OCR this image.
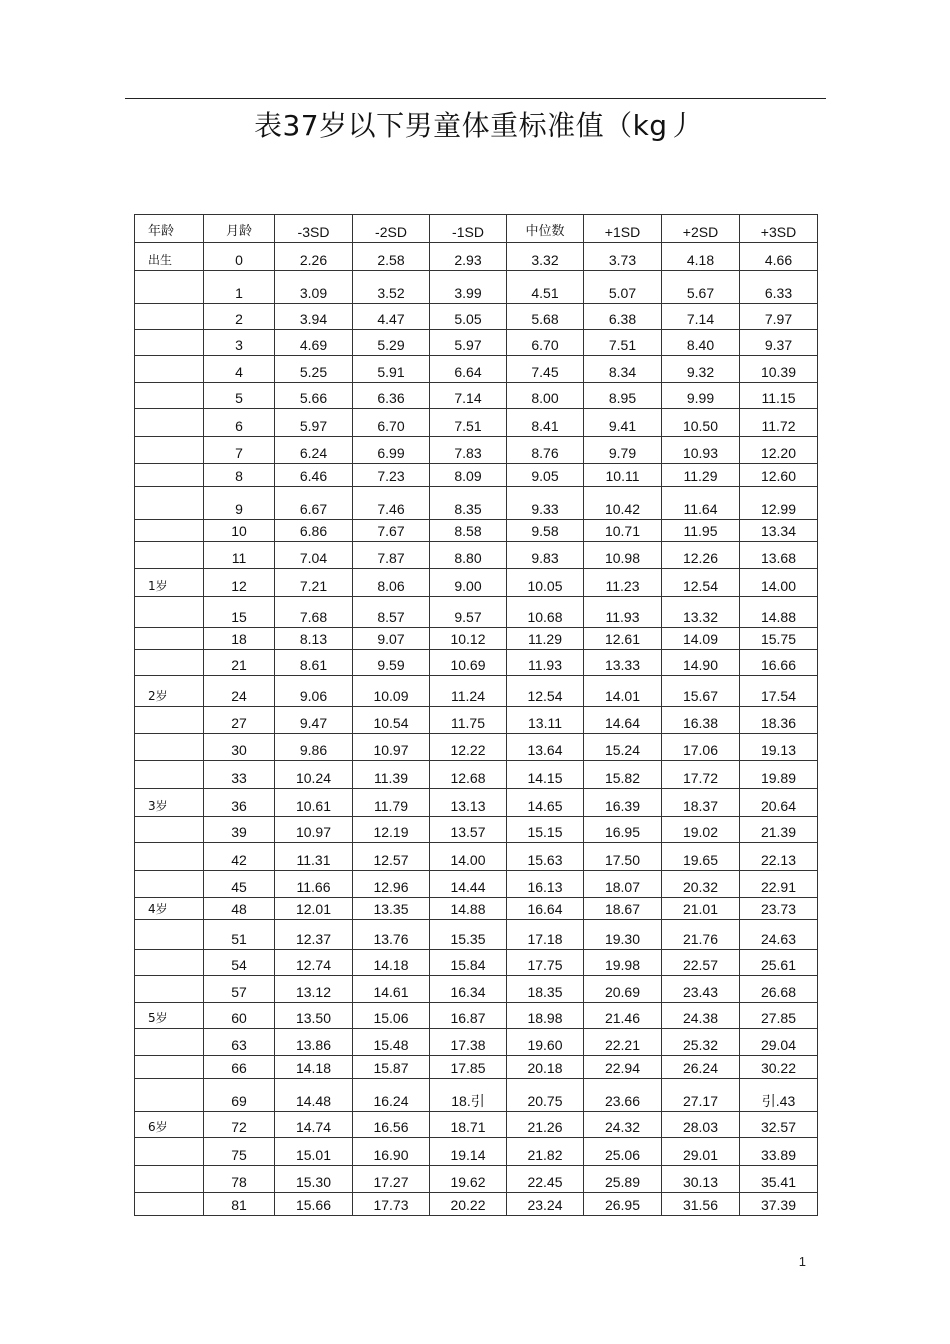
表37岁以下男童体重标准值（kg丿
年龄	月龄	-3SD	-2SD	-1SD	中位数	+1SD	+2SD	+3SD
出生	0	2.26	2.58	2.93	3.32	3.73	4.18	4.66
	1	3.09	3.52	3.99	4.51	5.07	5.67	6.33
	2	3.94	4.47	5.05	5.68	6.38	7.14	7.97
	3	4.69	5.29	5.97	6.70	7.51	8.40	9.37
	4	5.25	5.91	6.64	7.45	8.34	9.32	10.39
	5	5.66	6.36	7.14	8.00	8.95	9.99	11.15
	6	5.97	6.70	7.51	8.41	9.41	10.50	11.72
	7	6.24	6.99	7.83	8.76	9.79	10.93	12.20
	8	6.46	7.23	8.09	9.05	10.11	11.29	12.60
	9	6.67	7.46	8.35	9.33	10.42	11.64	12.99
	10	6.86	7.67	8.58	9.58	10.71	11.95	13.34
	11	7.04	7.87	8.80	9.83	10.98	12.26	13.68
1岁	12	7.21	8.06	9.00	10.05	11.23	12.54	14.00
	15	7.68	8.57	9.57	10.68	11.93	13.32	14.88
	18	8.13	9.07	10.12	11.29	12.61	14.09	15.75
	21	8.61	9.59	10.69	11.93	13.33	14.90	16.66
2岁	24	9.06	10.09	11.24	12.54	14.01	15.67	17.54
	27	9.47	10.54	11.75	13.11	14.64	16.38	18.36
	30	9.86	10.97	12.22	13.64	15.24	17.06	19.13
	33	10.24	11.39	12.68	14.15	15.82	17.72	19.89
3岁	36	10.61	11.79	13.13	14.65	16.39	18.37	20.64
	39	10.97	12.19	13.57	15.15	16.95	19.02	21.39
	42	11.31	12.57	14.00	15.63	17.50	19.65	22.13
	45	11.66	12.96	14.44	16.13	18.07	20.32	22.91
4岁	48	12.01	13.35	14.88	16.64	18.67	21.01	23.73
	51	12.37	13.76	15.35	17.18	19.30	21.76	24.63
	54	12.74	14.18	15.84	17.75	19.98	22.57	25.61
	57	13.12	14.61	16.34	18.35	20.69	23.43	26.68
5岁	60	13.50	15.06	16.87	18.98	21.46	24.38	27.85
	63	13.86	15.48	17.38	19.60	22.21	25.32	29.04
	66	14.18	15.87	17.85	20.18	22.94	26.24	30.22
	69	14.48	16.24	18.引	20.75	23.66	27.17	引.43
6岁	72	14.74	16.56	18.71	21.26	24.32	28.03	32.57
	75	15.01	16.90	19.14	21.82	25.06	29.01	33.89
	78	15.30	17.27	19.62	22.45	25.89	30.13	35.41
	81	15.66	17.73	20.22	23.24	26.95	31.56	37.39
1
